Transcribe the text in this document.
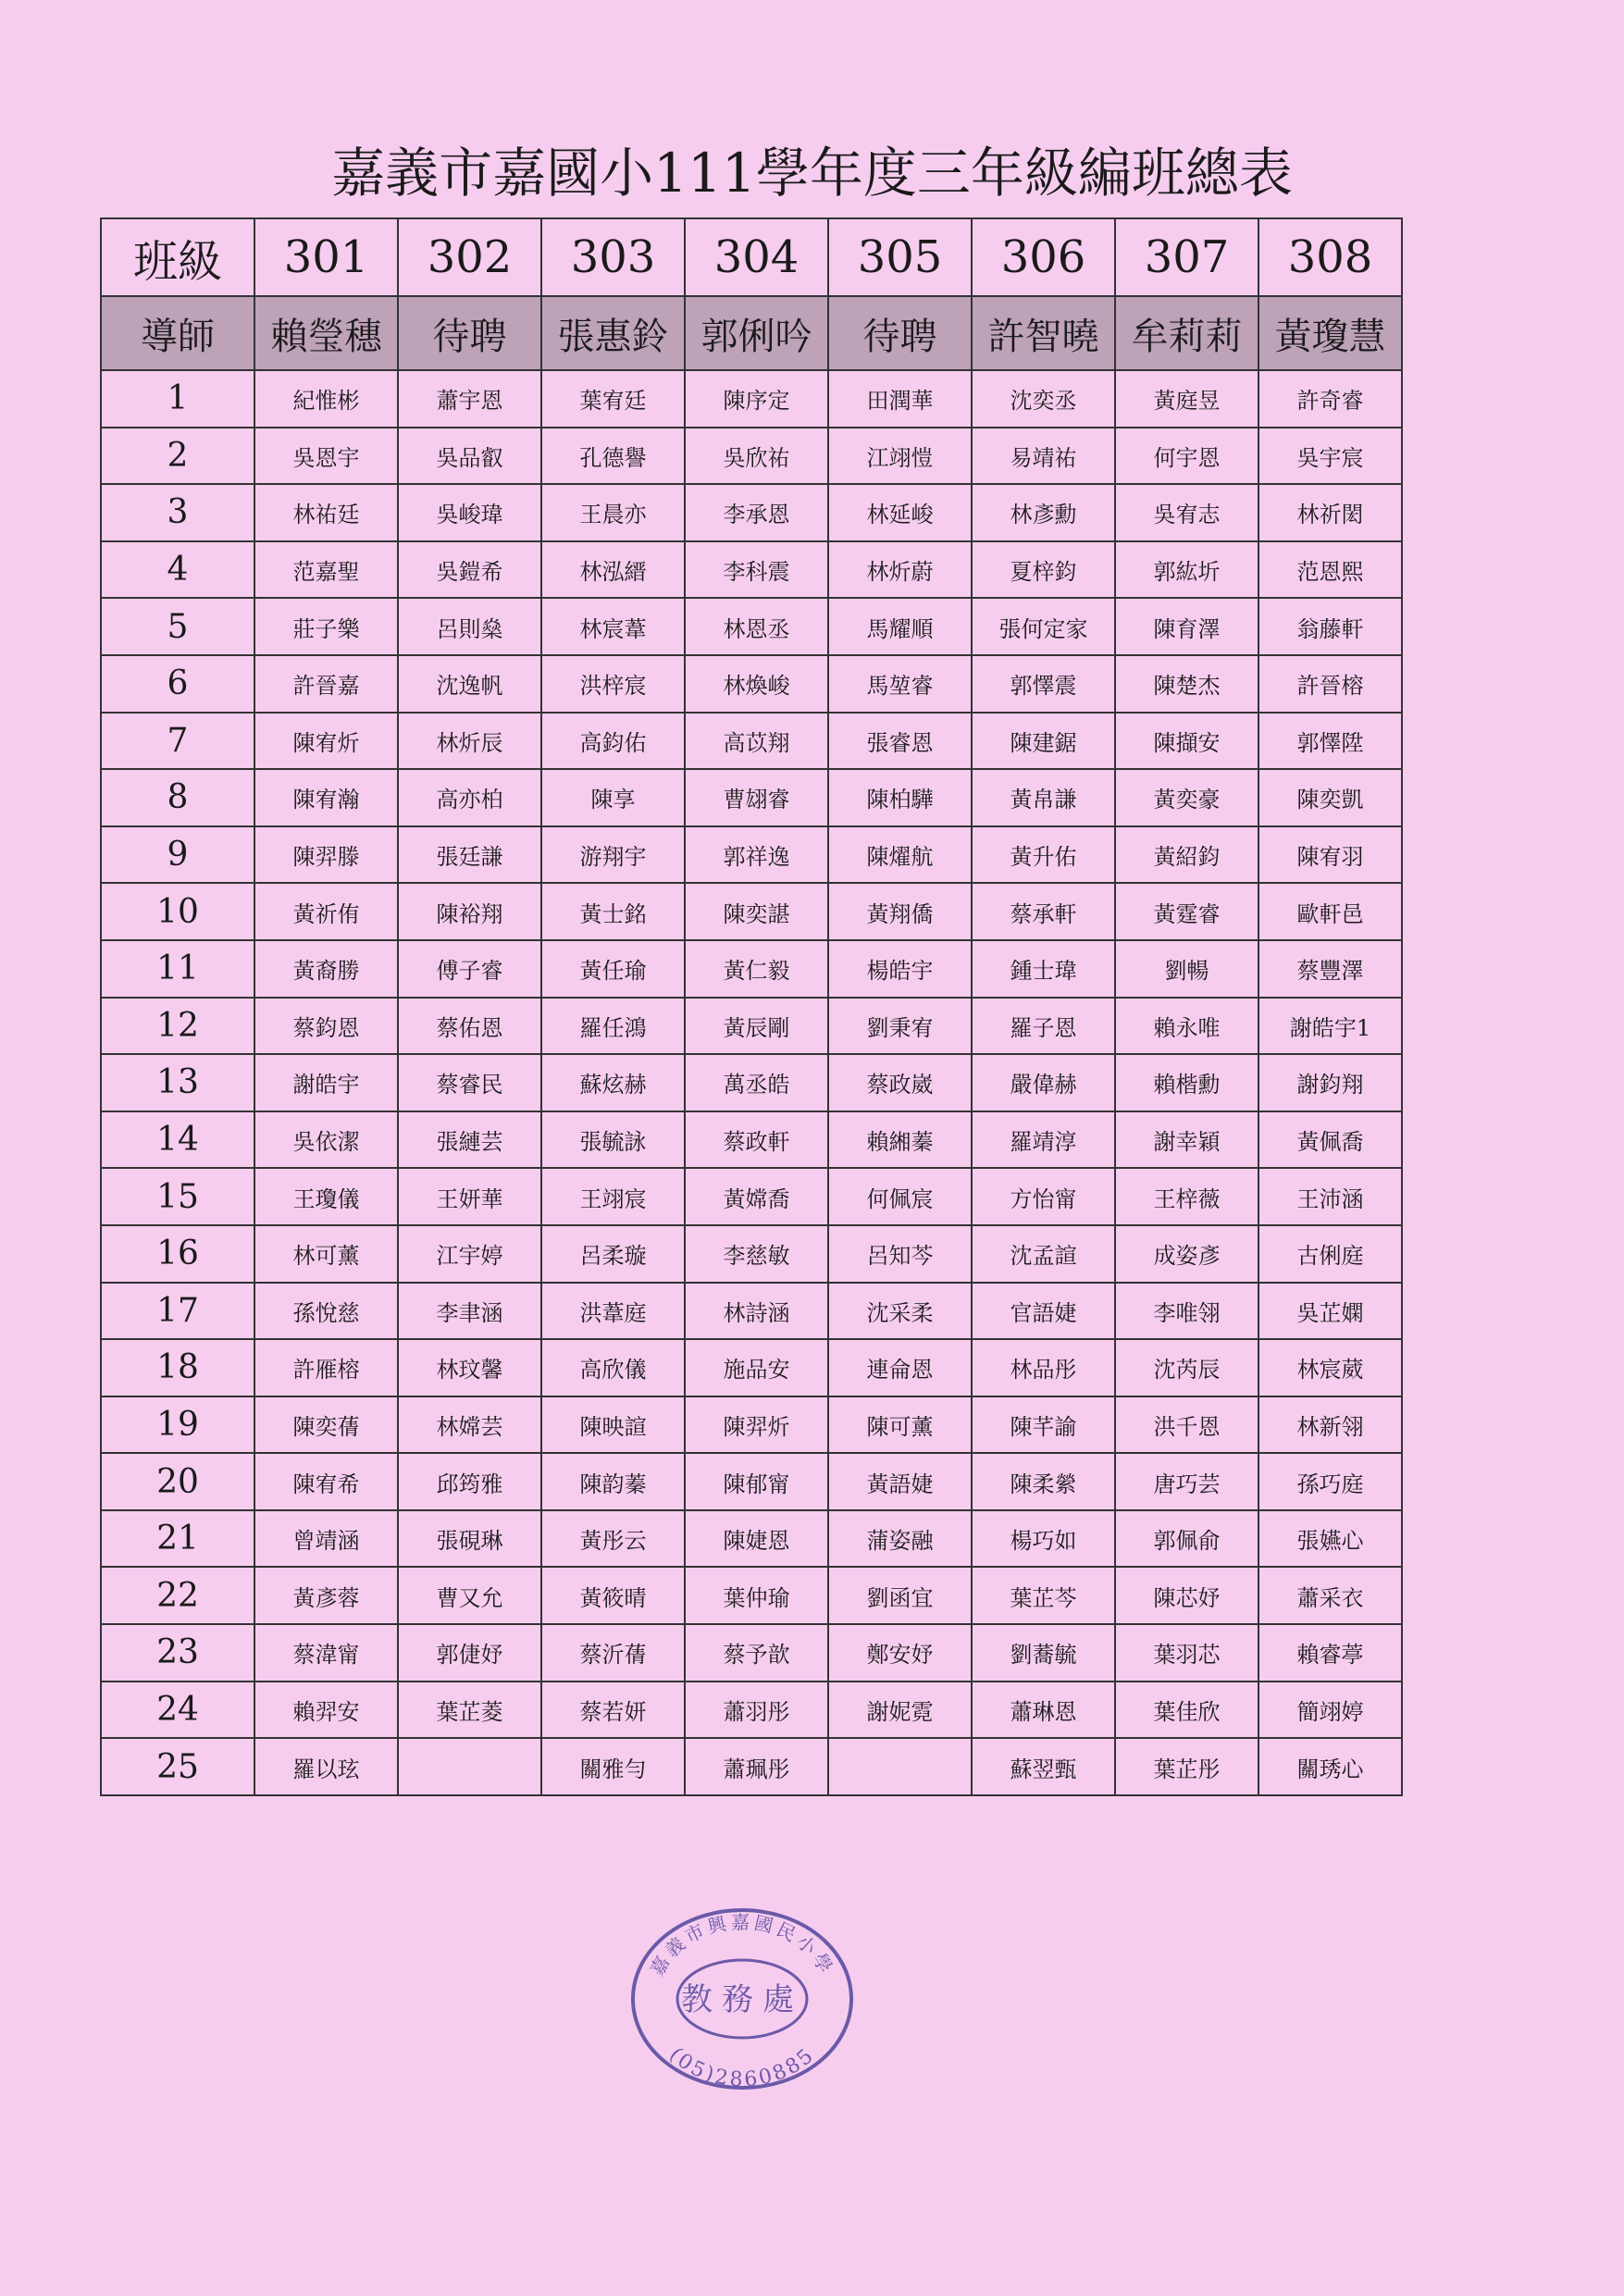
嘉義市嘉國小111學年度三年級編班總表
班級	301	302	303	304	305	306	307	308
導師	賴瑩穗	待聘	張惠鈴	郭俐吟	待聘	許智曉	牟莉莉	黃瓊慧
1	紀惟彬	蕭宇恩	葉宥廷	陳序定	田潤華	沈奕丞	黃庭昱	許奇睿
2	吳恩宇	吳品叡	孔德譽	吳欣祐	江翊愷	易靖祐	何宇恩	吳宇宸
3	林祐廷	吳峻瑋	王晨亦	李承恩	林延峻	林彥勳	吳宥志	林祈閎
4	范嘉聖	吳鎧希	林泓縉	李科震	林炘蔚	夏梓鈞	郭紘圻	范恩熙
5	莊子樂	呂則燊	林宸葦	林恩丞	馬耀順	張何定家	陳育澤	翁藤軒
6	許晉嘉	沈逸帆	洪梓宸	林煥峻	馬堃睿	郭懌震	陳楚杰	許晉榕
7	陳宥炘	林炘辰	高鈞佑	高苡翔	張睿恩	陳建鋸	陳擷安	郭懌陞
8	陳宥瀚	高亦柏	陳享	曹翃睿	陳柏驊	黃帛謙	黃奕豪	陳奕凱
9	陳羿滕	張廷謙	游翔宇	郭祥逸	陳燿航	黃升佑	黃紹鈞	陳宥羽
10	黃祈侑	陳裕翔	黃士銘	陳奕諶	黃翔僑	蔡承軒	黃霆睿	歐軒邑
11	黃裔勝	傅子睿	黃任瑜	黃仁毅	楊皓宇	鍾士瑋	劉暢	蔡豐澤
12	蔡鈞恩	蔡佑恩	羅任鴻	黃辰剛	劉秉宥	羅子恩	賴永唯	謝皓宇1
13	謝皓宇	蔡睿民	蘇炫赫	萬丞皓	蔡政崴	嚴偉赫	賴楷勳	謝鈞翔
14	吳依潔	張縺芸	張毓詠	蔡政軒	賴緗蓁	羅靖淳	謝幸穎	黃佩喬
15	王瓊儀	王妍華	王翊宸	黃嫦喬	何佩宸	方怡甯	王梓薇	王沛涵
16	林可薰	江宇婷	呂柔璇	李慈敏	呂知芩	沈孟諠	成姿彥	古俐庭
17	孫悅慈	李聿涵	洪葦庭	林詩涵	沈采柔	官語婕	李唯翎	吳芷嫻
18	許雁榕	林玟馨	高欣儀	施品安	連侖恩	林品彤	沈芮辰	林宸葳
19	陳奕蒨	林嫦芸	陳映諠	陳羿炘	陳可薰	陳芊諭	洪千恩	林新翎
20	陳宥希	邱筠雅	陳韵蓁	陳郁甯	黃語婕	陳柔縈	唐巧芸	孫巧庭
21	曾靖涵	張硯琳	黃彤云	陳婕恩	蒲姿融	楊巧如	郭佩俞	張嬿心
22	黃彥蓉	曹又允	黃筱晴	葉仲瑜	劉函宜	葉芷芩	陳芯妤	蕭采衣
23	蔡湋甯	郭倢妤	蔡沂蒨	蔡予歆	鄭安妤	劉蕎毓	葉羽芯	賴睿葶
24	賴羿安	葉芷菱	蔡若妍	蕭羽彤	謝妮霓	蕭琳恩	葉佳欣	簡翊婷
25	羅以玹		關雅勻	蕭珮彤		蘇翌甄	葉芷彤	關琇心
嘉義市興嘉國民小學
教務處
(05)2860885
